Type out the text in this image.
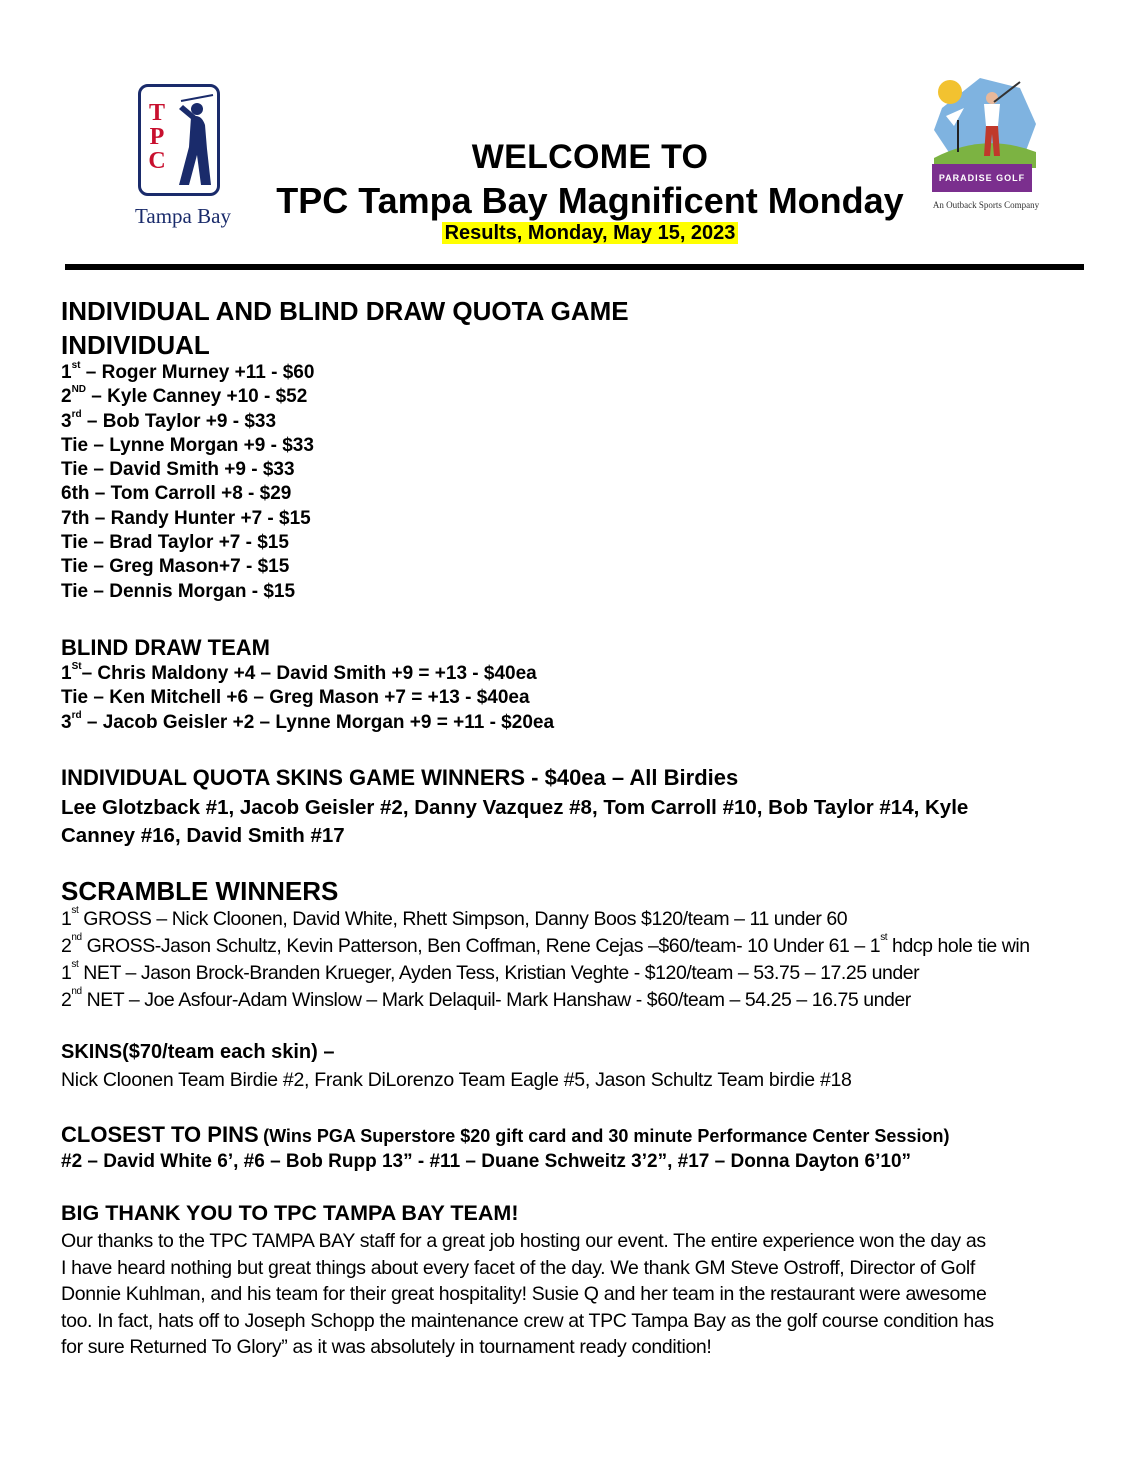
T
P
C
Tampa Bay
PARADISE GOLF
An Outback Sports Company
WELCOME TO
TPC Tampa Bay Magnificent Monday
Results, Monday, May 15, 2023
INDIVIDUAL AND BLIND DRAW QUOTA GAME
INDIVIDUAL
1st – Roger Murney +11 - $60
2ND – Kyle Canney +10 - $52
3rd – Bob Taylor +9 - $33
Tie – Lynne Morgan +9 - $33
Tie – David Smith +9 - $33
6th – Tom Carroll +8 - $29
7th – Randy Hunter +7 - $15
Tie – Brad Taylor +7 - $15
Tie – Greg Mason+7 - $15
Tie – Dennis Morgan - $15
BLIND DRAW TEAM
1St– Chris Maldony +4 – David Smith +9 = +13 - $40ea
Tie – Ken Mitchell +6 – Greg Mason +7 = +13 - $40ea
3rd – Jacob Geisler +2 – Lynne Morgan +9 = +11 - $20ea
INDIVIDUAL QUOTA SKINS GAME WINNERS - $40ea – All Birdies
Lee Glotzback #1, Jacob Geisler #2, Danny Vazquez #8, Tom Carroll #10, Bob Taylor #14, Kyle
Canney #16, David Smith #17
SCRAMBLE WINNERS
1st GROSS – Nick Cloonen, David White, Rhett Simpson, Danny Boos $120/team – 11 under 60
2nd GROSS-Jason Schultz, Kevin Patterson, Ben Coffman, Rene Cejas –$60/team- 10 Under 61 – 1st hdcp hole tie win
1st NET – Jason Brock-Branden Krueger, Ayden Tess, Kristian Veghte - $120/team – 53.75 – 17.25 under
2nd NET – Joe Asfour-Adam Winslow – Mark Delaquil- Mark Hanshaw - $60/team – 54.25 – 16.75 under
SKINS($70/team each skin) –
Nick Cloonen Team Birdie #2, Frank DiLorenzo Team Eagle #5, Jason Schultz Team birdie #18
CLOSEST TO PINS (Wins PGA Superstore $20 gift card and 30 minute Performance Center Session)
#2 – David White 6’, #6 – Bob Rupp 13” - #11 – Duane Schweitz 3’2”, #17 – Donna Dayton 6’10”
BIG THANK YOU TO TPC TAMPA BAY TEAM!
Our thanks to the TPC TAMPA BAY staff for a great job hosting our event. The entire experience won the day as
I have heard nothing but great things about every facet of the day. We thank GM Steve Ostroff, Director of Golf
Donnie Kuhlman, and his team for their great hospitality! Susie Q and her team in the restaurant were awesome
too. In fact, hats off to Joseph Schopp the maintenance crew at TPC Tampa Bay as the golf course condition has
for sure Returned To Glory” as it was absolutely in tournament ready condition!
